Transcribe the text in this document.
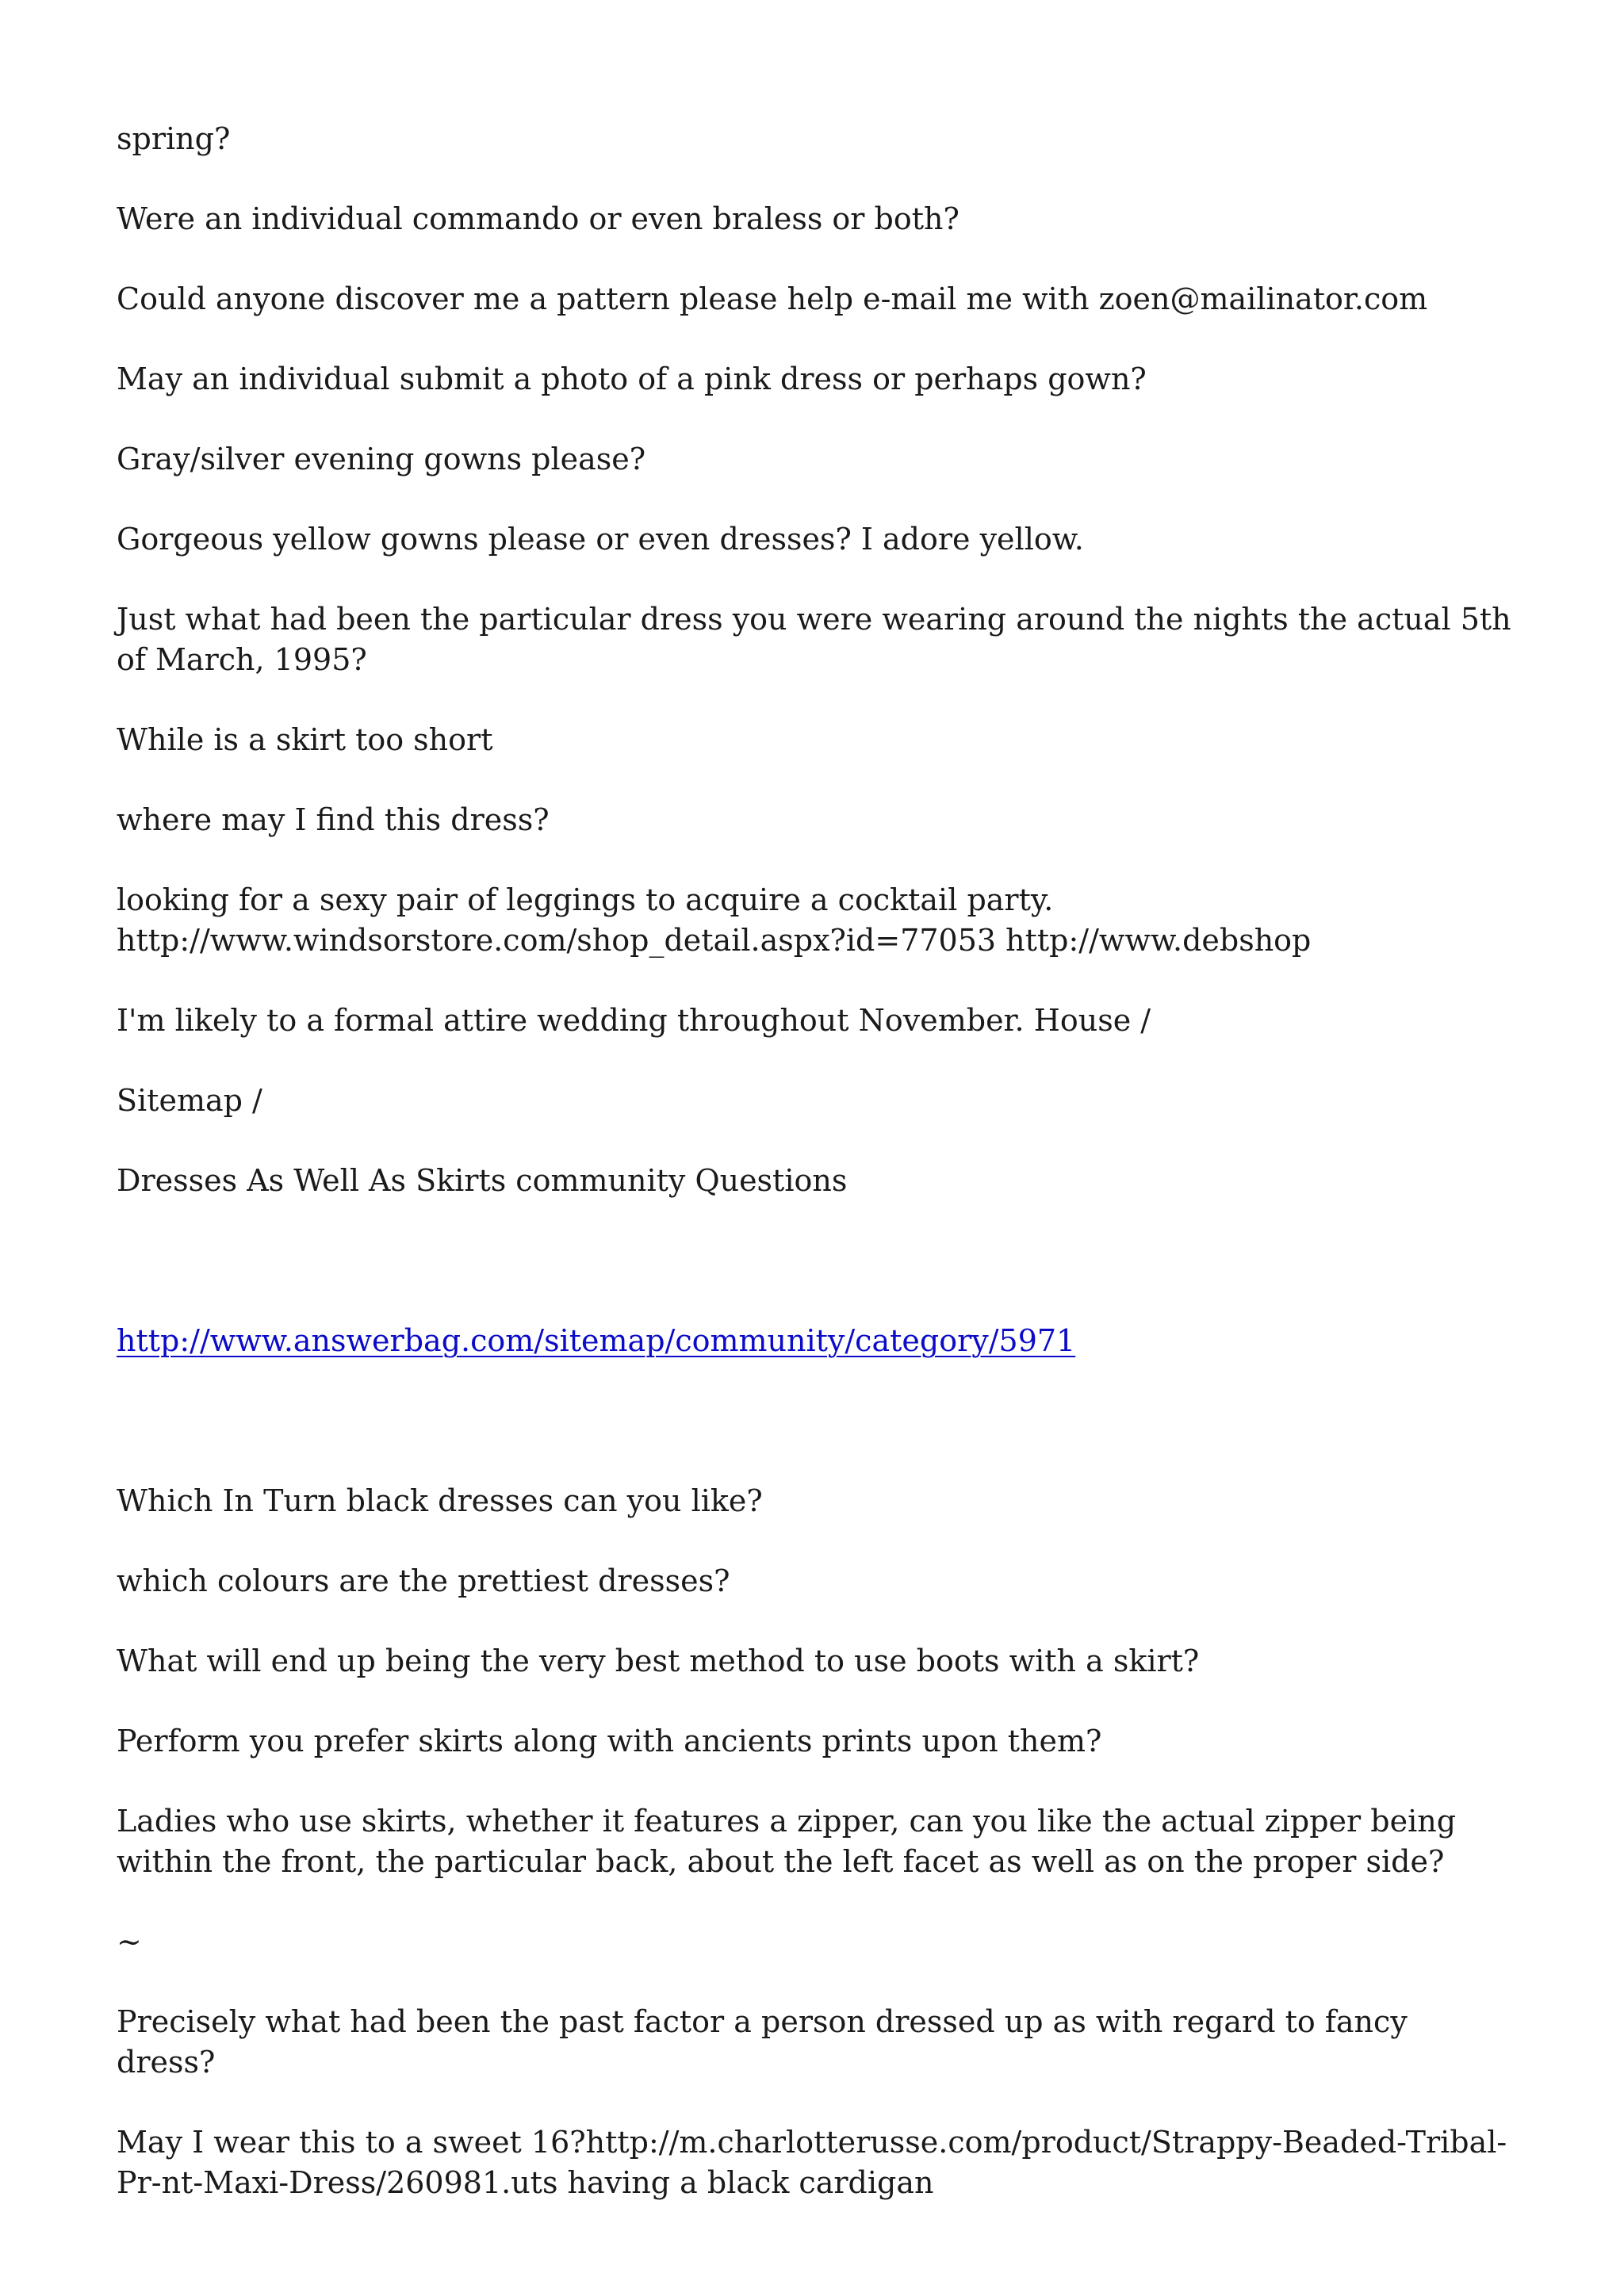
spring?

Were an individual commando or even braless or both?

Could anyone discover me a pattern please help e-mail me with zoen@mailinator.com

May an individual submit a photo of a pink dress or perhaps gown?

Gray/silver evening gowns please?

Gorgeous yellow gowns please or even dresses? I adore yellow.

Just what had been the particular dress you were wearing around the nights the actual 5th of March, 1995?

While is a skirt too short

where may I find this dress?

looking for a sexy pair of leggings to acquire a cocktail party. http://www.windsorstore.com/shop_detail.aspx?id=77053 http://www.debshop

I'm likely to a formal attire wedding throughout November. House /

Sitemap /

Dresses As Well As Skirts community Questions

http://www.answerbag.com/sitemap/community/category/5971

Which In Turn black dresses can you like?

which colours are the prettiest dresses?

What will end up being the very best method to use boots with a skirt?

Perform you prefer skirts along with ancients prints upon them?

Ladies who use skirts, whether it features a zipper, can you like the actual zipper being within the front, the particular back, about the left facet as well as on the proper side?

~

Precisely what had been the past factor a person dressed up as with regard to fancy dress?

May I wear this to a sweet 16?http://m.charlotterusse.com/product/Strappy-Beaded-Tribal-Pr-nt-Maxi-Dress/260981.uts having a black cardigan
